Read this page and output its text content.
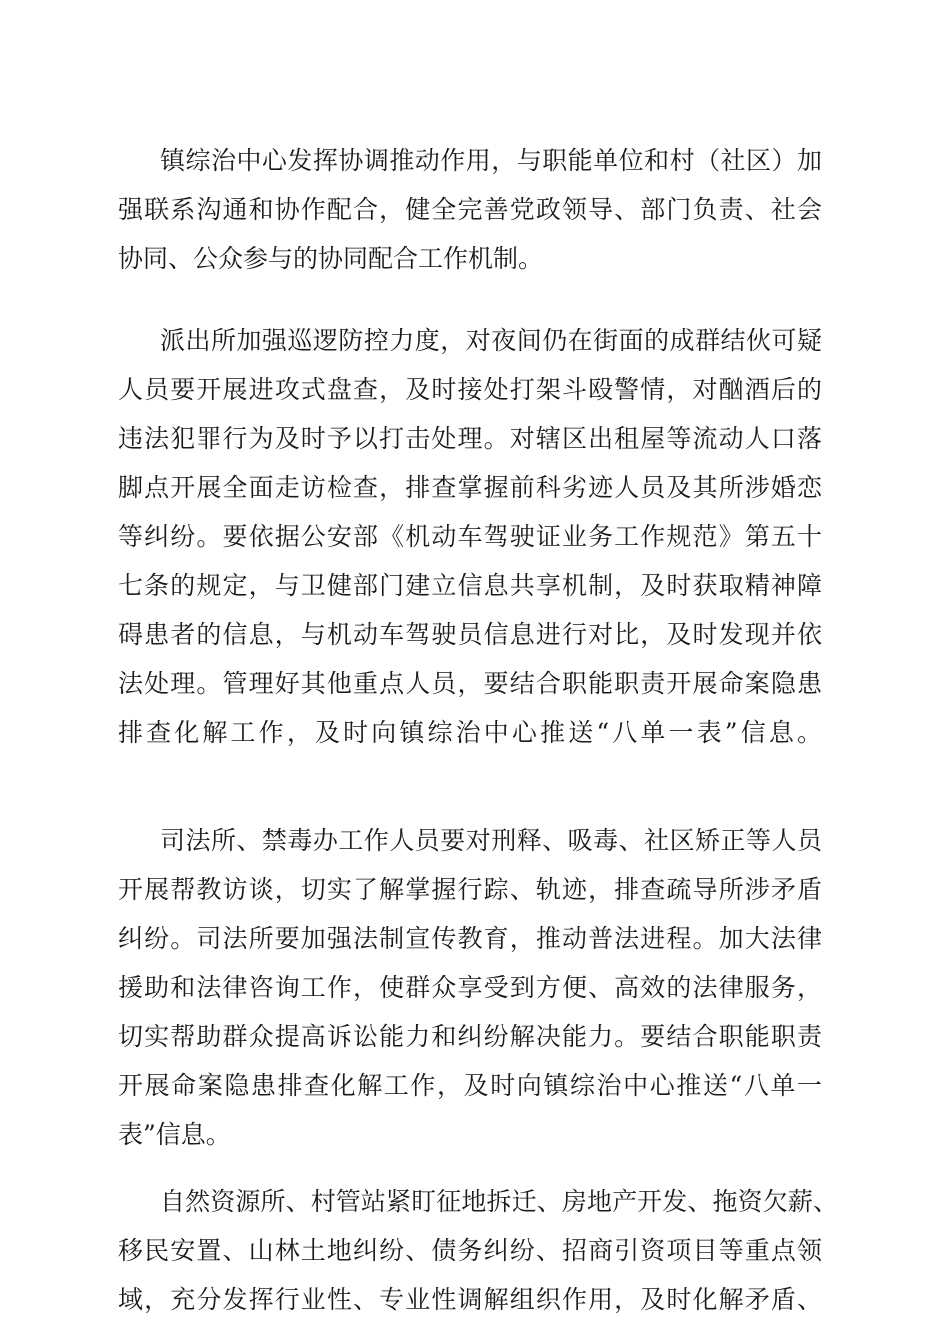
镇综治中心发挥协调推动作用，与职能单位和村（社区）加
强联系沟通和协作配合，健全完善党政领导、部门负责、社会
协同、公众参与的协同配合工作机制。
派出所加强巡逻防控力度，对夜间仍在街面的成群结伙可疑
人员要开展进攻式盘查，及时接处打架斗殴警情，对酗酒后的
违法犯罪行为及时予以打击处理。对辖区出租屋等流动人口落
脚点开展全面走访检查，排查掌握前科劣迹人员及其所涉婚恋
等纠纷。要依据公安部《机动车驾驶证业务工作规范》第五十
七条的规定，与卫健部门建立信息共享机制，及时获取精神障
碍患者的信息，与机动车驾驶员信息进行对比，及时发现并依
法处理。管理好其他重点人员，要结合职能职责开展命案隐患
排查化解工作，及时向镇综治中心推送“八单一表”信息。
司法所、禁毒办工作人员要对刑释、吸毒、社区矫正等人员
开展帮教访谈，切实了解掌握行踪、轨迹，排查疏导所涉矛盾
纠纷。司法所要加强法制宣传教育，推动普法进程。加大法律
援助和法律咨询工作，使群众享受到方便、高效的法律服务，
切实帮助群众提高诉讼能力和纠纷解决能力。要结合职能职责
开展命案隐患排查化解工作，及时向镇综治中心推送“八单一
表”信息。
自然资源所、村管站紧盯征地拆迁、房地产开发、拖资欠薪、
移民安置、山林土地纠纷、债务纠纷、招商引资项目等重点领
域，充分发挥行业性、专业性调解组织作用，及时化解矛盾、
